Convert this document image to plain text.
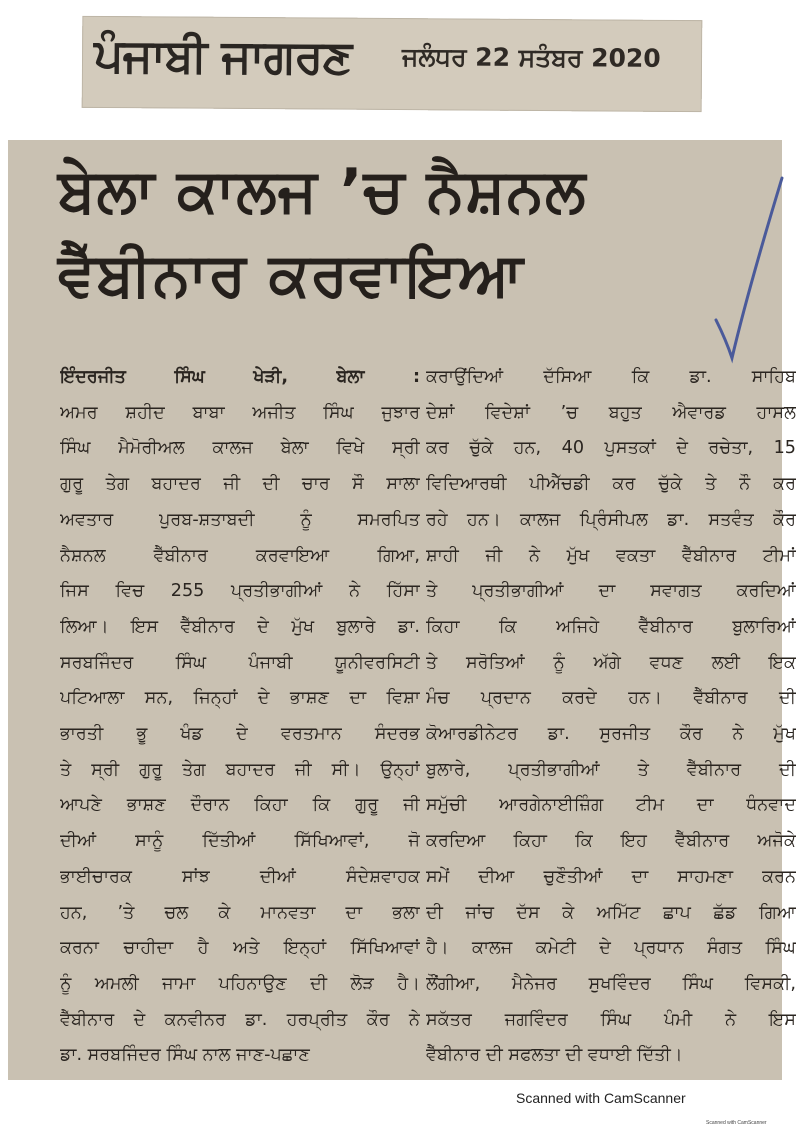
ਪੰਜਾਬੀ ਜਾਗਰਣ ਜਲੰਧਰ 22 ਸਤੰਬਰ 2020
ਬੇਲਾ ਕਾਲਜ ’ਚ ਨੈਸ਼ਨਲ
ਵੈੱਬੀਨਾਰ ਕਰਵਾਇਆ
ਇੰਦਰਜੀਤ ਸਿੰਘ ਖੇੜੀ, ਬੇਲਾ :
ਅਮਰ ਸ਼ਹੀਦ ਬਾਬਾ ਅਜੀਤ ਸਿੰਘ ਜੁਝਾਰ
ਸਿੰਘ ਮੈਮੋਰੀਅਲ ਕਾਲਜ ਬੇਲਾ ਵਿਖੇ ਸ੍ਰੀ
ਗੁਰੂ ਤੇਗ ਬਹਾਦਰ ਜੀ ਦੀ ਚਾਰ ਸੌ ਸਾਲਾ
ਅਵਤਾਰ ਪੁਰਬ-ਸ਼ਤਾਬਦੀ ਨੂੰ ਸਮਰਪਿਤ
ਨੈਸ਼ਨਲ ਵੈੱਬੀਨਾਰ ਕਰਵਾਇਆ ਗਿਆ,
ਜਿਸ ਵਿਚ 255 ਪ੍ਰਤੀਭਾਗੀਆਂ ਨੇ ਹਿੱਸਾ
ਲਿਆ। ਇਸ ਵੈੱਬੀਨਾਰ ਦੇ ਮੁੱਖ ਬੁਲਾਰੇ ਡਾ.
ਸਰਬਜਿੰਦਰ ਸਿੰਘ ਪੰਜਾਬੀ ਯੂਨੀਵਰਸਿਟੀ
ਪਟਿਆਲਾ ਸਨ, ਜਿਨ੍ਹਾਂ ਦੇ ਭਾਸ਼ਣ ਦਾ ਵਿਸ਼ਾ
ਭਾਰਤੀ ਭੂ ਖੰਡ ਦੇ ਵਰਤਮਾਨ ਸੰਦਰਭ
ਤੇ ਸ੍ਰੀ ਗੁਰੂ ਤੇਗ ਬਹਾਦਰ ਜੀ ਸੀ। ਉਨ੍ਹਾਂ
ਆਪਣੇ ਭਾਸ਼ਣ ਦੌਰਾਨ ਕਿਹਾ ਕਿ ਗੁਰੂ ਜੀ
ਦੀਆਂ ਸਾਨੂੰ ਦਿੱਤੀਆਂ ਸਿੱਖਿਆਵਾਂ, ਜੋ
ਭਾਈਚਾਰਕ ਸਾਂਝ ਦੀਆਂ ਸੰਦੇਸ਼ਵਾਹਕ
ਹਨ, ’ਤੇ ਚਲ ਕੇ ਮਾਨਵਤਾ ਦਾ ਭਲਾ
ਕਰਨਾ ਚਾਹੀਦਾ ਹੈ ਅਤੇ ਇਨ੍ਹਾਂ ਸਿੱਖਿਆਵਾਂ
ਨੂੰ ਅਮਲੀ ਜਾਮਾ ਪਹਿਨਾਉਣ ਦੀ ਲੋੜ ਹੈ।
ਵੈੱਬੀਨਾਰ ਦੇ ਕਨਵੀਨਰ ਡਾ. ਹਰਪ੍ਰੀਤ ਕੌਰ ਨੇ
ਡਾ. ਸਰਬਜਿੰਦਰ ਸਿੰਘ ਨਾਲ ਜਾਣ-ਪਛਾਣ
ਕਰਾਉਂਦਿਆਂ ਦੱਸਿਆ ਕਿ ਡਾ. ਸਾਹਿਬ
ਦੇਸ਼ਾਂ ਵਿਦੇਸ਼ਾਂ ’ਚ ਬਹੁਤ ਐਵਾਰਡ ਹਾਸਲ
ਕਰ ਚੁੱਕੇ ਹਨ, 40 ਪੁਸਤਕਾਂ ਦੇ ਰਚੇਤਾ, 15
ਵਿਦਿਆਰਥੀ ਪੀਐੱਚਡੀ ਕਰ ਚੁੱਕੇ ਤੇ ਨੌ ਕਰ
ਰਹੇ ਹਨ। ਕਾਲਜ ਪ੍ਰਿੰਸੀਪਲ ਡਾ. ਸਤਵੰਤ ਕੌਰ
ਸ਼ਾਹੀ ਜੀ ਨੇ ਮੁੱਖ ਵਕਤਾ ਵੈੱਬੀਨਾਰ ਟੀਮਾਂ
ਤੇ ਪ੍ਰਤੀਭਾਗੀਆਂ ਦਾ ਸਵਾਗਤ ਕਰਦਿਆਂ
ਕਿਹਾ ਕਿ ਅਜਿਹੇ ਵੈੱਬੀਨਾਰ ਬੁਲਾਰਿਆਂ
ਤੇ ਸਰੋਤਿਆਂ ਨੂੰ ਅੱਗੇ ਵਧਣ ਲਈ ਇਕ
ਮੰਚ ਪ੍ਰਦਾਨ ਕਰਦੇ ਹਨ। ਵੈੱਬੀਨਾਰ ਦੀ
ਕੋਆਰਡੀਨੇਟਰ ਡਾ. ਸੁਰਜੀਤ ਕੌਰ ਨੇ ਮੁੱਖ
ਬੁਲਾਰੇ, ਪ੍ਰਤੀਭਾਗੀਆਂ ਤੇ ਵੈੱਬੀਨਾਰ ਦੀ
ਸਮੁੱਚੀ ਆਰਗੇਨਾਈਜ਼ਿੰਗ ਟੀਮ ਦਾ ਧੰਨਵਾਦ
ਕਰਦਿਆ ਕਿਹਾ ਕਿ ਇਹ ਵੈੱਬੀਨਾਰ ਅਜੋਕੇ
ਸਮੇਂ ਦੀਆ ਚੁਣੌਤੀਆਂ ਦਾ ਸਾਹਮਣਾ ਕਰਨ
ਦੀ ਜਾਂਚ ਦੱਸ ਕੇ ਅਮਿੱਟ ਛਾਪ ਛੱਡ ਗਿਆ
ਹੈ। ਕਾਲਜ ਕਮੇਟੀ ਦੇ ਪ੍ਰਧਾਨ ਸੰਗਤ ਸਿੰਘ
ਲੌਂਗੀਆ, ਮੈਨੇਜਰ ਸੁਖਵਿੰਦਰ ਸਿੰਘ ਵਿਸਕੀ,
ਸਕੱਤਰ ਜਗਵਿੰਦਰ ਸਿੰਘ ਪੰਮੀ ਨੇ ਇਸ
ਵੈੱਬੀਨਾਰ ਦੀ ਸਫਲਤਾ ਦੀ ਵਧਾਈ ਦਿੱਤੀ।
Scanned with CamScanner
Scanned with CamScanner
